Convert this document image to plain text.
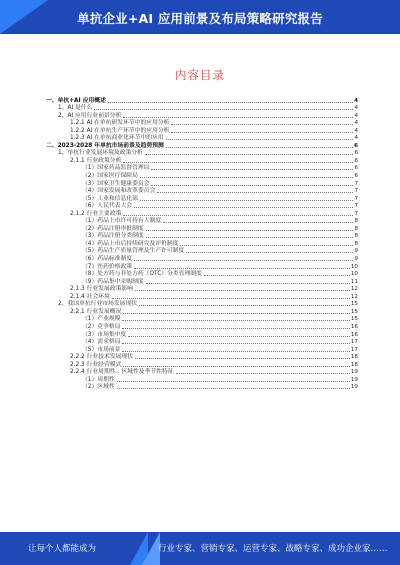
单抗企业+AI 应用前景及布局策略研究报告
内容目录
一、单抗+AI 应用概述	4
1、AI 是什么	4
2、AI 应用行业前景分析	4
1.2.1 AI 在单抗研发环节中的应用分析	4
1.2.2 AI 在单抗生产环节中的应用分析	4
1.2.3 AI 在单抗商业化环节中的应用	4
二、2023-2028 年单抗市场前景及趋势预测	6
1、单抗行业发展环境及政策分析	6
2.1.1 行业政策分析	6
（1）国家药品监督管理局	6
（2）国家医疗保障局	6
（3）国家卫生健康委员会	7
（4）国家发展和改革委员会	7
（5）工业和信息化部	7
（6）人民代表大会	7
2.1.2 行业主要政策	7
（1）药品上市许可持有人制度	8
（2）药品注册审批制度	8
（3）药品注册分类制度	8
（4）药品上市后持续研究及评价制度	8
（5）药品生产质量管理及生产许可制度	9
（6）药品标准制度	9
（7）医药价格政策	10
（8）处方药与非处方药（OTC）分类管理制度	10
（9）药品集中采购制度	11
2.1.3 行业发展政策影响	12
2.1.4 社会环境	12
2、我国单抗行业市场发展现状	15
2.2.1 行业发展概况	15
（1）产业规模	15
（2）竞争格局	16
（3）市场集中度	16
（4）需求格局	17
（5）市场前景	17
2.2.2 行业技术发展现状	18
2.2.3 行业经营模式	18
2.2.4 行业周期性、区域性及季节性特征	19
（1）周期性	19
（2）区域性	19
让每个人都能成为	行业专家、营销专家、运营专家、战略专家、成功企业家……
